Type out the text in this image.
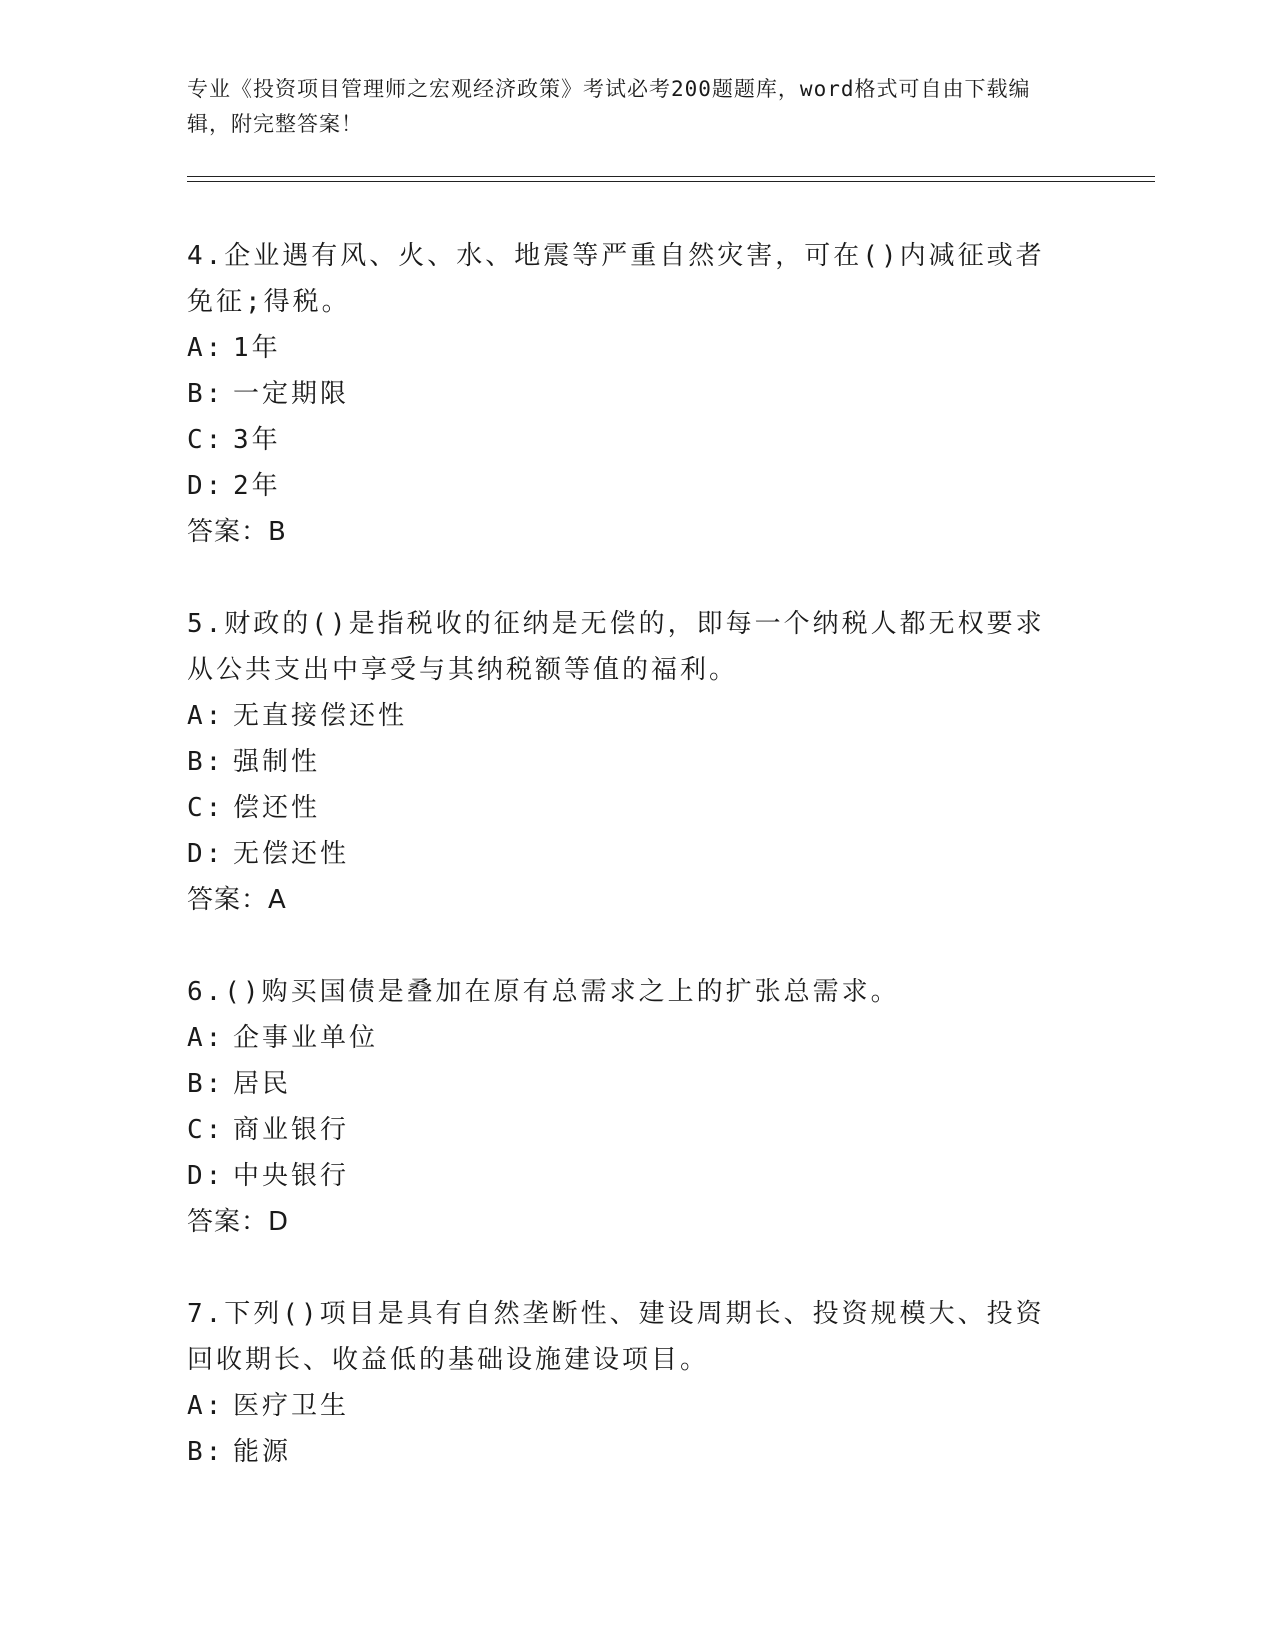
专业《投资项目管理师之宏观经济政策》考试必考200题题库，word格式可自由下载编辑，附完整答案！
4.企业遇有风、火、水、地震等严重自然灾害，可在()内减征或者免征;得税。
A: 1年
B: 一定期限
C: 3年
D: 2年
答案：B
5.财政的()是指税收的征纳是无偿的，即每一个纳税人都无权要求从公共支出中享受与其纳税额等值的福利。
A: 无直接偿还性
B: 强制性
C: 偿还性
D: 无偿还性
答案：A
6.()购买国债是叠加在原有总需求之上的扩张总需求。
A: 企事业单位
B: 居民
C: 商业银行
D: 中央银行
答案：D
7.下列()项目是具有自然垄断性、建设周期长、投资规模大、投资回收期长、收益低的基础设施建设项目。
A: 医疗卫生
B: 能源
